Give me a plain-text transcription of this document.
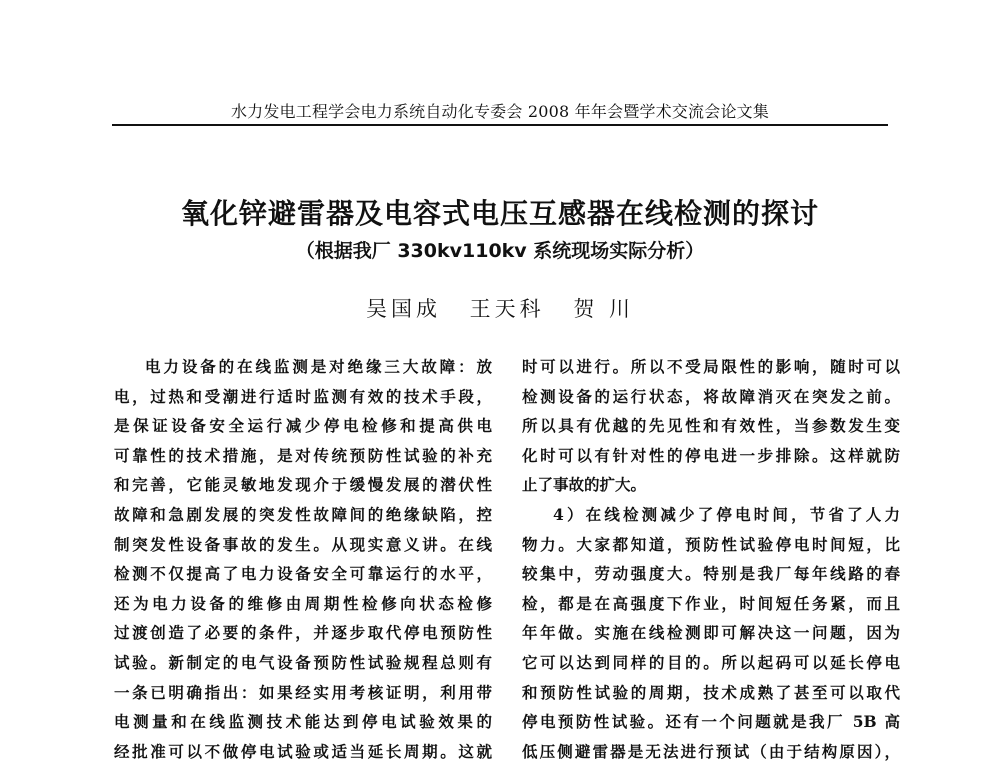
水力发电工程学会电力系统自动化专委会 2008 年年会暨学术交流会论文集
氧化锌避雷器及电容式电压互感器在线检测的探讨
（根据我厂 330kv110kv 系统现场实际分析）
吴国成 王天科 贺 川
电力设备的在线监测是对绝缘三大故障：放
电，过热和受潮进行适时监测有效的技术手段，
是保证设备安全运行减少停电检修和提高供电
可靠性的技术措施，是对传统预防性试验的补充
和完善，它能灵敏地发现介于缓慢发展的潜伏性
故障和急剧发展的突发性故障间的绝缘缺陷，控
制突发性设备事故的发生。从现实意义讲。在线
检测不仅提高了电力设备安全可靠运行的水平，
还为电力设备的维修由周期性检修向状态检修
过渡创造了必要的条件，并逐步取代停电预防性
试验。新制定的电气设备预防性试验规程总则有
一条已明确指出：如果经实用考核证明，利用带
电测量和在线监测技术能达到停电试验效果的
经批准可以不做停电试验或适当延长周期。这就
时可以进行。所以不受局限性的影响，随时可以
检测设备的运行状态，将故障消灭在突发之前。
所以具有优越的先见性和有效性，当参数发生变
化时可以有针对性的停电进一步排除。这样就防
止了事故的扩大。
4）在线检测减少了停电时间，节省了人力
物力。大家都知道，预防性试验停电时间短，比
较集中，劳动强度大。特别是我厂每年线路的春
检，都是在高强度下作业，时间短任务紧，而且
年年做。实施在线检测即可解决这一问题，因为
它可以达到同样的目的。所以起码可以延长停电
和预防性试验的周期，技术成熟了甚至可以取代
停电预防性试验。还有一个问题就是我厂 5B 高
低压侧避雷器是无法进行预试（由于结构原因），
